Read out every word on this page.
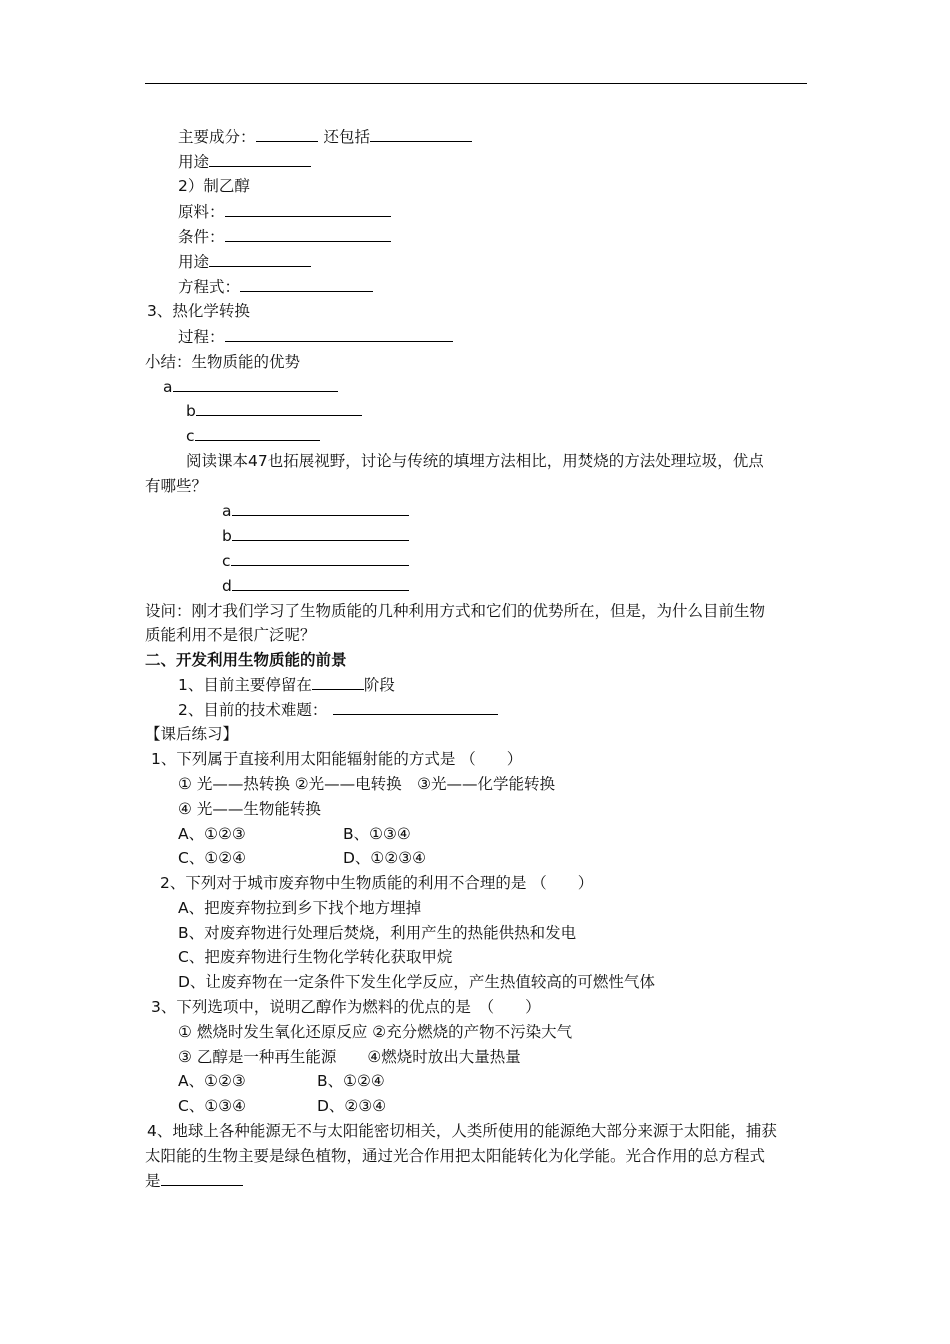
主要成分：	还包括
用途
2）制乙醇
原料：
条件：
用途
方程式：
3、热化学转换
过程：
小结：生物质能的优势
a
b
c
阅读课本47也拓展视野，讨论与传统的填埋方法相比，用焚烧的方法处理垃圾，优点
有哪些？
a
b
c
d
设问：刚才我们学习了生物质能的几种利用方式和它们的优势所在，但是，为什么目前生物
质能利用不是很广泛呢？
二、开发利用生物质能的前景
1、目前主要停留在	阶段
2、目前的技术难题：
【课后练习】
1、下列属于直接利用太阳能辐射能的方式是 （　　）
① 光——热转换 ②光——电转换　③光——化学能转换
④ 光——生物能转换
A、①②③	B、①③④
C、①②④	D、①②③④
2、下列对于城市废弃物中生物质能的利用不合理的是 （　　）
A、把废弃物拉到乡下找个地方埋掉
B、对废弃物进行处理后焚烧，利用产生的热能供热和发电
C、把废弃物进行生物化学转化获取甲烷
D、让废弃物在一定条件下发生化学反应，产生热值较高的可燃性气体
3、下列选项中，说明乙醇作为燃料的优点的是　（　　）
① 燃烧时发生氧化还原反应 ②充分燃烧的产物不污染大气
③ 乙醇是一种再生能源　　④燃烧时放出大量热量
A、①②③	B、①②④
C、①③④	D、②③④
4、地球上各种能源无不与太阳能密切相关，人类所使用的能源绝大部分来源于太阳能，捕获
太阳能的生物主要是绿色植物，通过光合作用把太阳能转化为化学能。光合作用的总方程式
是
